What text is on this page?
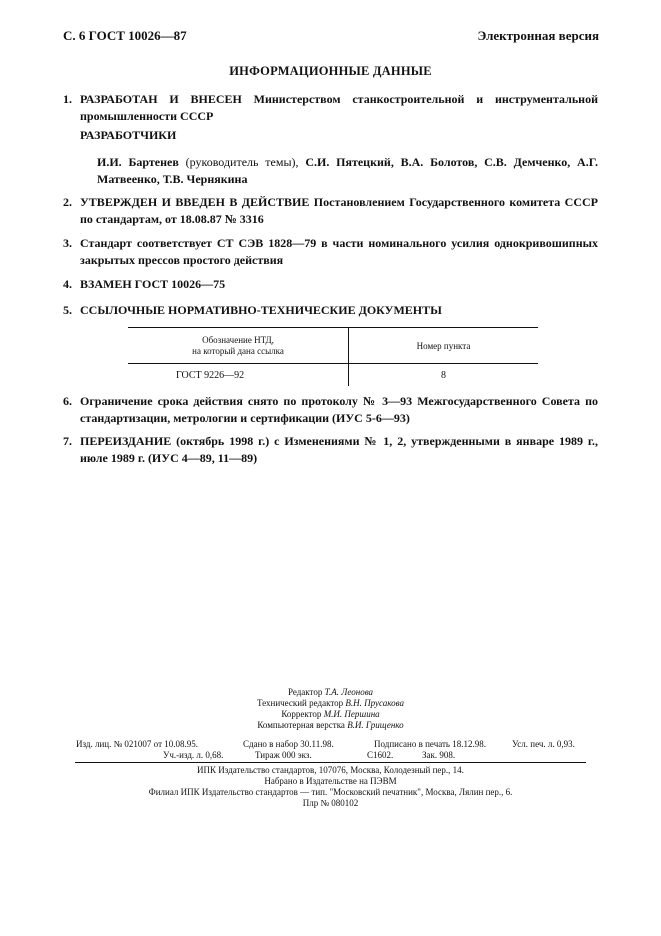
С. 6 ГОСТ 10026—87	Электронная версия
ИНФОРМАЦИОННЫЕ ДАННЫЕ
1. РАЗРАБОТАН И ВНЕСЕН Министерством станкостроительной и инструментальной промышленности СССР
РАЗРАБОТЧИКИ
И.И. Бартенев (руководитель темы), С.И. Пятецкий, В.А. Болотов, С.В. Демченко, А.Г. Матвеенко, Т.В. Чернякина
2. УТВЕРЖДЕН И ВВЕДЕН В ДЕЙСТВИЕ Постановлением Государственного комитета СССР по стандартам, от 18.08.87 № 3316
3. Стандарт соответствует СТ СЭВ 1828—79 в части номинального усилия однокривошипных закрытых прессов простого действия
4. ВЗАМЕН ГОСТ 10026—75
5. ССЫЛОЧНЫЕ НОРМАТИВНО-ТЕХНИЧЕСКИЕ ДОКУМЕНТЫ
Обозначение НТД,
на который дана ссылка	Номер пункта
ГОСТ 9226—92	8
6. Ограничение срока действия снято по протоколу № 3—93 Межгосударственного Совета по стандартизации, метрологии и сертификации (ИУС 5-6—93)
7. ПЕРЕИЗДАНИЕ (октябрь 1998 г.) с Изменениями № 1, 2, утвержденными в январе 1989 г., июле 1989 г. (ИУС 4—89, 11—89)
Редактор Т.А. Леонова
Технический редактор В.Н. Прусакова
Корректор М.И. Першина
Компьютерная верстка В.И. Грищенко
Изд. лиц. № 021007 от 10.08.95.	Сдано в набор 30.11.98.	Подписано в печать 18.12.98.	Усл. печ. л. 0,93.
Уч.-изд. л. 0,68.	Тираж 000 экз.	С1602.	Зак. 908.
ИПК Издательство стандартов, 107076, Москва, Колодезный пер., 14.
Набрано в Издательстве на ПЭВМ
Филиал ИПК Издательство стандартов — тип. "Московский печатник", Москва, Лялин пер., 6.
Плр № 080102
